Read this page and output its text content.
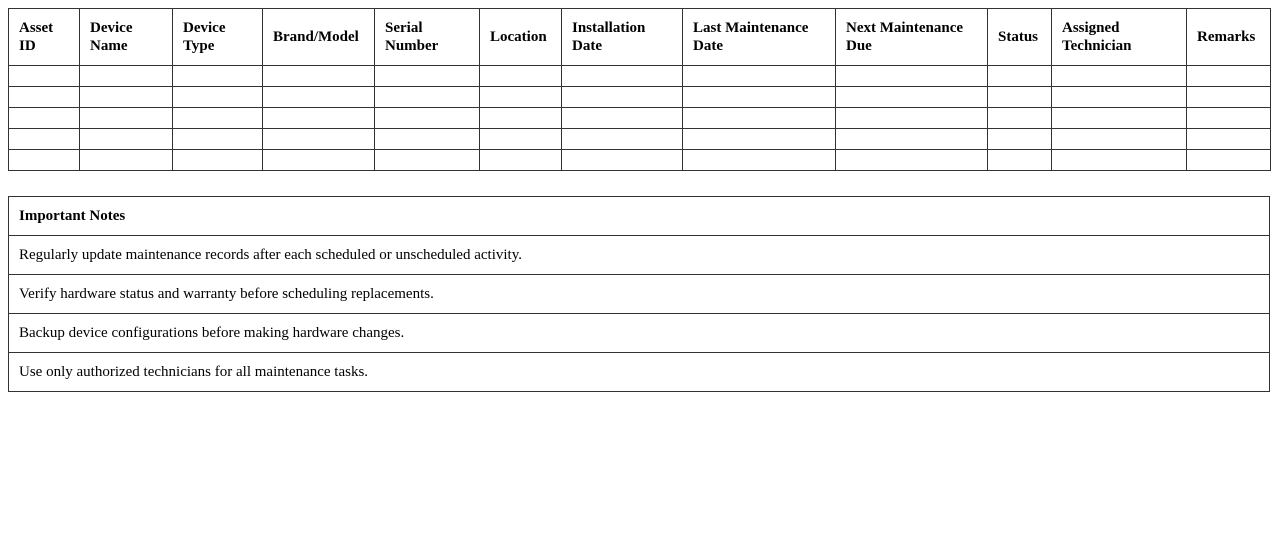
Asset ID	Device Name	Device Type	Brand/Model	Serial Number	Location	Installation Date	Last Maintenance Date	Next Maintenance Due	Status	Assigned Technician	Remarks

Important Notes
Regularly update maintenance records after each scheduled or unscheduled activity.
Verify hardware status and warranty before scheduling replacements.
Backup device configurations before making hardware changes.
Use only authorized technicians for all maintenance tasks.
